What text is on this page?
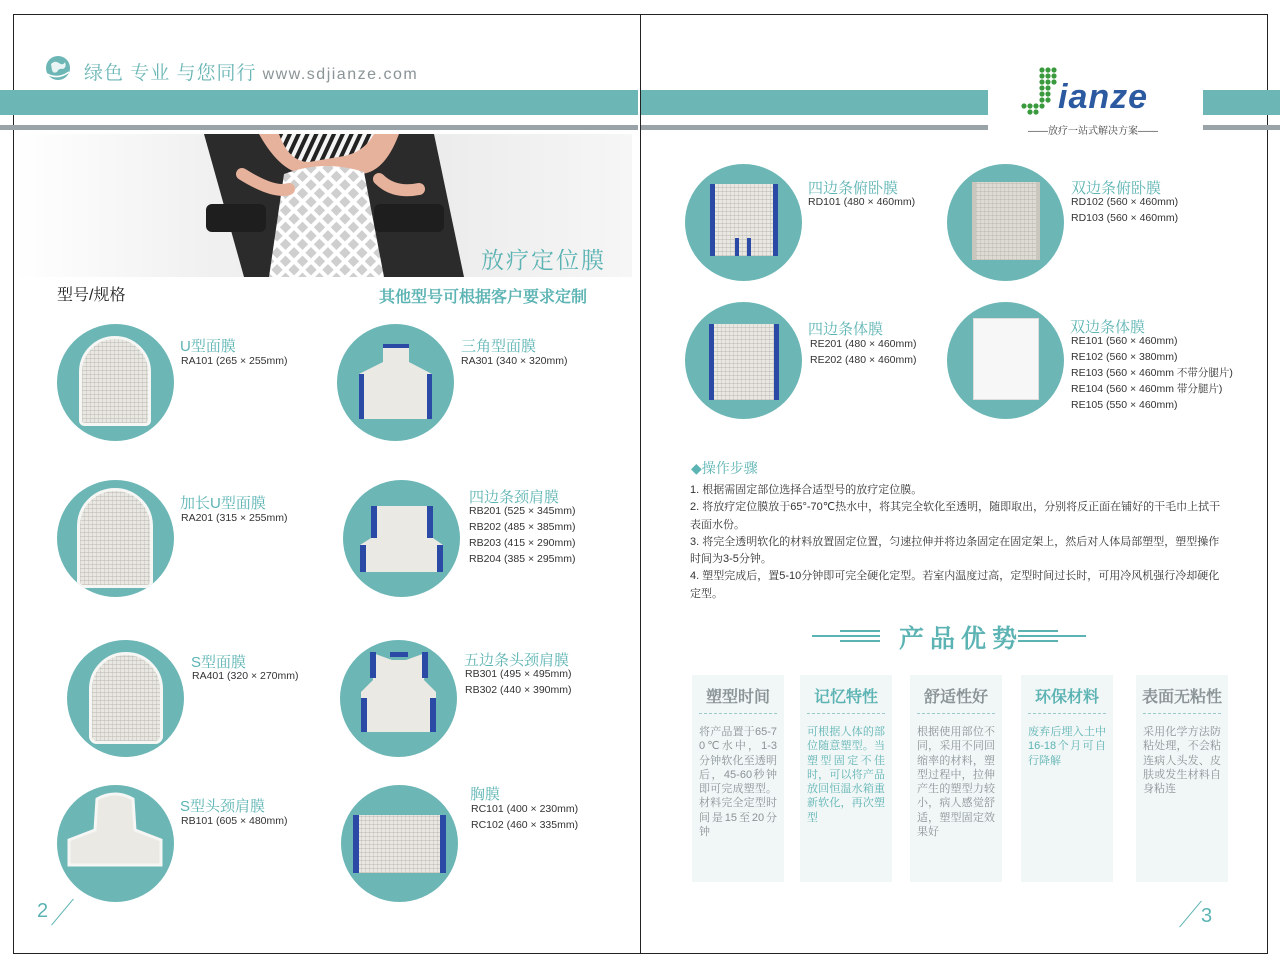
绿色 专业 与您同行 www.sdjianze.com
放疗定位膜
型号/规格	其他型号可根据客户要求定制
U型面膜
RA101 (265 × 255mm)
三角型面膜
RA301 (340 × 320mm)
加长U型面膜
RA201 (315 × 255mm)
四边条颈肩膜
RB201 (525 × 345mm)
RB202 (485 × 385mm)
RB203 (415 × 290mm)
RB204 (385 × 295mm)
S型面膜
RA401 (320 × 270mm)
五边条头颈肩膜
RB301 (495 × 495mm)
RB302 (440 × 390mm)
S型头颈肩膜
RB101 (605 × 480mm)
胸膜
RC101 (400 × 230mm)
RC102 (460 × 335mm)
2
ianze
——放疗一站式解决方案——
四边条俯卧膜
RD101 (480 × 460mm)
双边条俯卧膜
RD102 (560 × 460mm)
RD103 (560 × 460mm)
四边条体膜
RE201 (480 × 460mm)
RE202 (480 × 460mm)
双边条体膜
RE101 (560 × 460mm)
RE102 (560 × 380mm)
RE103 (560 × 460mm 不带分腿片)
RE104 (560 × 460mm 带分腿片)
RE105 (550 × 460mm)
◆操作步骤
1. 根据需固定部位选择合适型号的放疗定位膜。
2. 将放疗定位膜放于65°-70℃热水中，将其完全软化至透明，随即取出，分别将反正面在铺好的干毛巾上拭干表面水份。
3. 将完全透明软化的材料放置固定位置，匀速拉伸并将边条固定在固定架上，然后对人体局部塑型，塑型操作时间为3-5分钟。
4. 塑型完成后，置5-10分钟即可完全硬化定型。若室内温度过高，定型时间过长时，可用冷风机强行冷却硬化定型。
产品优势
塑型时间
将产品置于65-70℃水中，1-3分钟软化至透明后，45-60秒钟即可完成塑型。材料完全定型时间是15至20分钟
记忆特性
可根据人体的部位随意塑型。当塑型固定不佳时，可以将产品放回恒温水箱重新软化，再次塑型
舒适性好
根据使用部位不同，采用不同回缩率的材料，塑型过程中，拉伸产生的塑型力较小，病人感觉舒适，塑型固定效果好
环保材料
废弃后埋入土中16-18个月可自行降解
表面无粘性
采用化学方法防粘处理，不会粘连病人头发、皮肤或发生材料自身粘连
3
